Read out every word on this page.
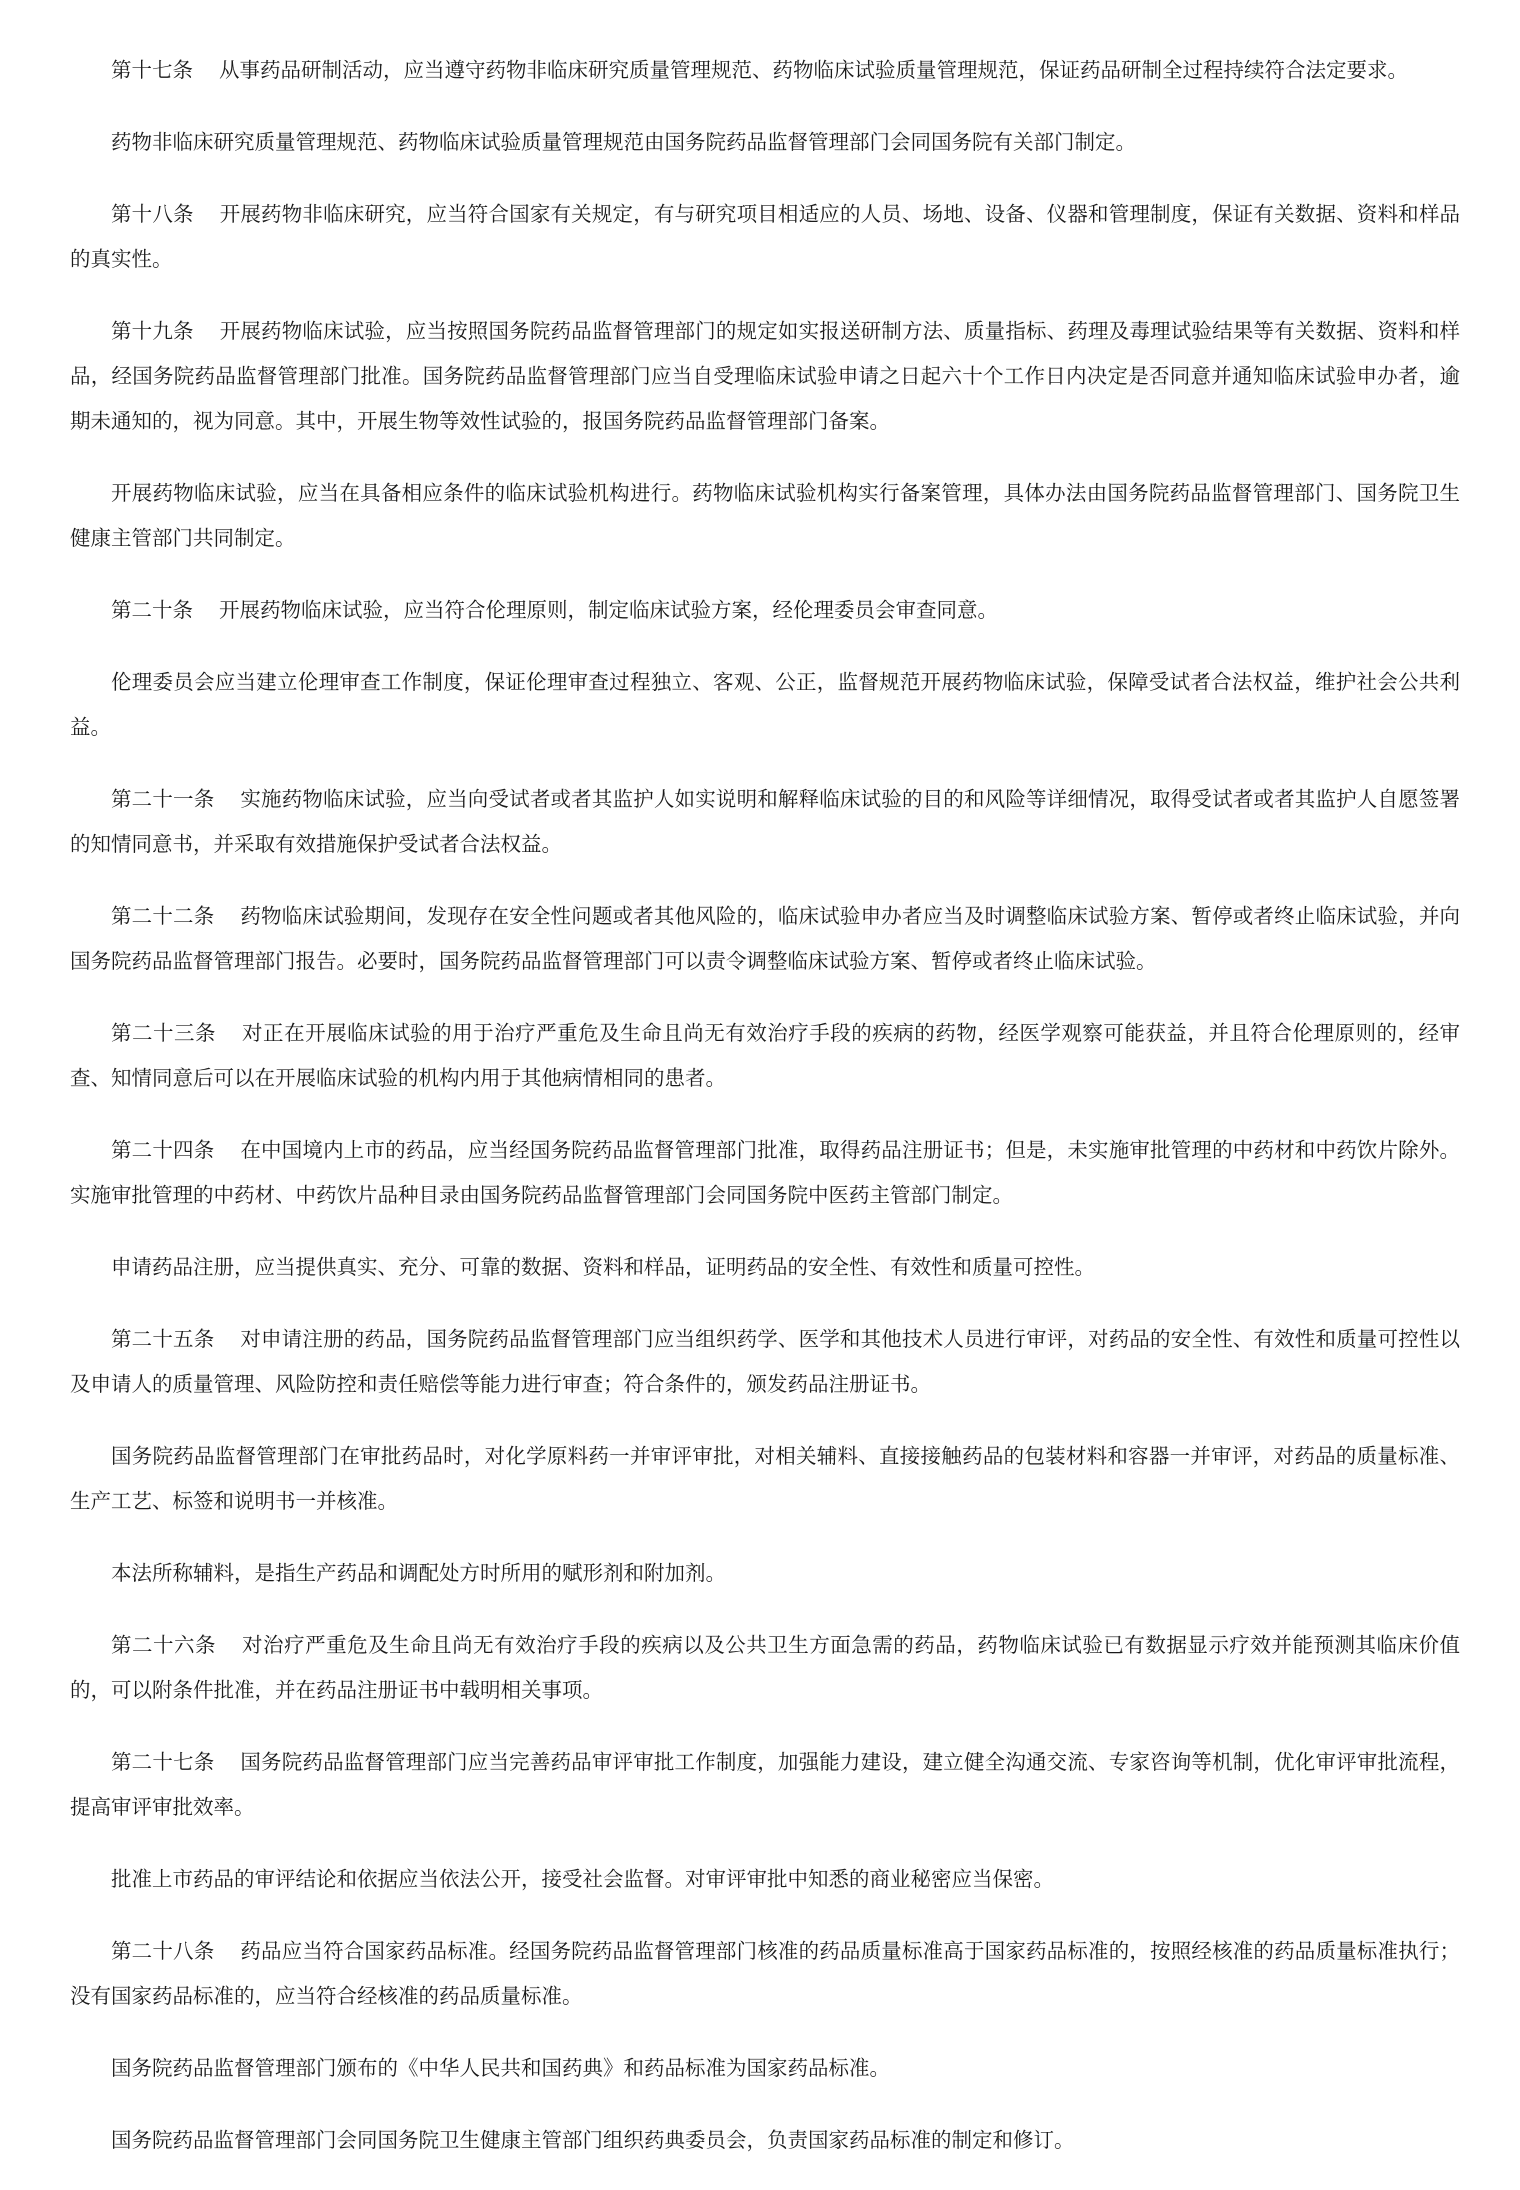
第十七条 从事药品研制活动，应当遵守药物非临床研究质量管理规范、药物临床试验质量管理规范，保证药品研制全过程持续符合法定要求。

药物非临床研究质量管理规范、药物临床试验质量管理规范由国务院药品监督管理部门会同国务院有关部门制定。

第十八条 开展药物非临床研究，应当符合国家有关规定，有与研究项目相适应的人员、场地、设备、仪器和管理制度，保证有关数据、资料和样品的真实性。

第十九条 开展药物临床试验，应当按照国务院药品监督管理部门的规定如实报送研制方法、质量指标、药理及毒理试验结果等有关数据、资料和样品，经国务院药品监督管理部门批准。国务院药品监督管理部门应当自受理临床试验申请之日起六十个工作日内决定是否同意并通知临床试验申办者，逾期未通知的，视为同意。其中，开展生物等效性试验的，报国务院药品监督管理部门备案。

开展药物临床试验，应当在具备相应条件的临床试验机构进行。药物临床试验机构实行备案管理，具体办法由国务院药品监督管理部门、国务院卫生健康主管部门共同制定。

第二十条 开展药物临床试验，应当符合伦理原则，制定临床试验方案，经伦理委员会审查同意。

伦理委员会应当建立伦理审查工作制度，保证伦理审查过程独立、客观、公正，监督规范开展药物临床试验，保障受试者合法权益，维护社会公共利益。

第二十一条 实施药物临床试验，应当向受试者或者其监护人如实说明和解释临床试验的目的和风险等详细情况，取得受试者或者其监护人自愿签署的知情同意书，并采取有效措施保护受试者合法权益。

第二十二条 药物临床试验期间，发现存在安全性问题或者其他风险的，临床试验申办者应当及时调整临床试验方案、暂停或者终止临床试验，并向国务院药品监督管理部门报告。必要时，国务院药品监督管理部门可以责令调整临床试验方案、暂停或者终止临床试验。

第二十三条 对正在开展临床试验的用于治疗严重危及生命且尚无有效治疗手段的疾病的药物，经医学观察可能获益，并且符合伦理原则的，经审查、知情同意后可以在开展临床试验的机构内用于其他病情相同的患者。

第二十四条 在中国境内上市的药品，应当经国务院药品监督管理部门批准，取得药品注册证书；但是，未实施审批管理的中药材和中药饮片除外。实施审批管理的中药材、中药饮片品种目录由国务院药品监督管理部门会同国务院中医药主管部门制定。

申请药品注册，应当提供真实、充分、可靠的数据、资料和样品，证明药品的安全性、有效性和质量可控性。

第二十五条 对申请注册的药品，国务院药品监督管理部门应当组织药学、医学和其他技术人员进行审评，对药品的安全性、有效性和质量可控性以及申请人的质量管理、风险防控和责任赔偿等能力进行审查；符合条件的，颁发药品注册证书。

国务院药品监督管理部门在审批药品时，对化学原料药一并审评审批，对相关辅料、直接接触药品的包装材料和容器一并审评，对药品的质量标准、生产工艺、标签和说明书一并核准。

本法所称辅料，是指生产药品和调配处方时所用的赋形剂和附加剂。

第二十六条 对治疗严重危及生命且尚无有效治疗手段的疾病以及公共卫生方面急需的药品，药物临床试验已有数据显示疗效并能预测其临床价值的，可以附条件批准，并在药品注册证书中载明相关事项。

第二十七条 国务院药品监督管理部门应当完善药品审评审批工作制度，加强能力建设，建立健全沟通交流、专家咨询等机制，优化审评审批流程，提高审评审批效率。

批准上市药品的审评结论和依据应当依法公开，接受社会监督。对审评审批中知悉的商业秘密应当保密。

第二十八条 药品应当符合国家药品标准。经国务院药品监督管理部门核准的药品质量标准高于国家药品标准的，按照经核准的药品质量标准执行；没有国家药品标准的，应当符合经核准的药品质量标准。

国务院药品监督管理部门颁布的《中华人民共和国药典》和药品标准为国家药品标准。

国务院药品监督管理部门会同国务院卫生健康主管部门组织药典委员会，负责国家药品标准的制定和修订。
